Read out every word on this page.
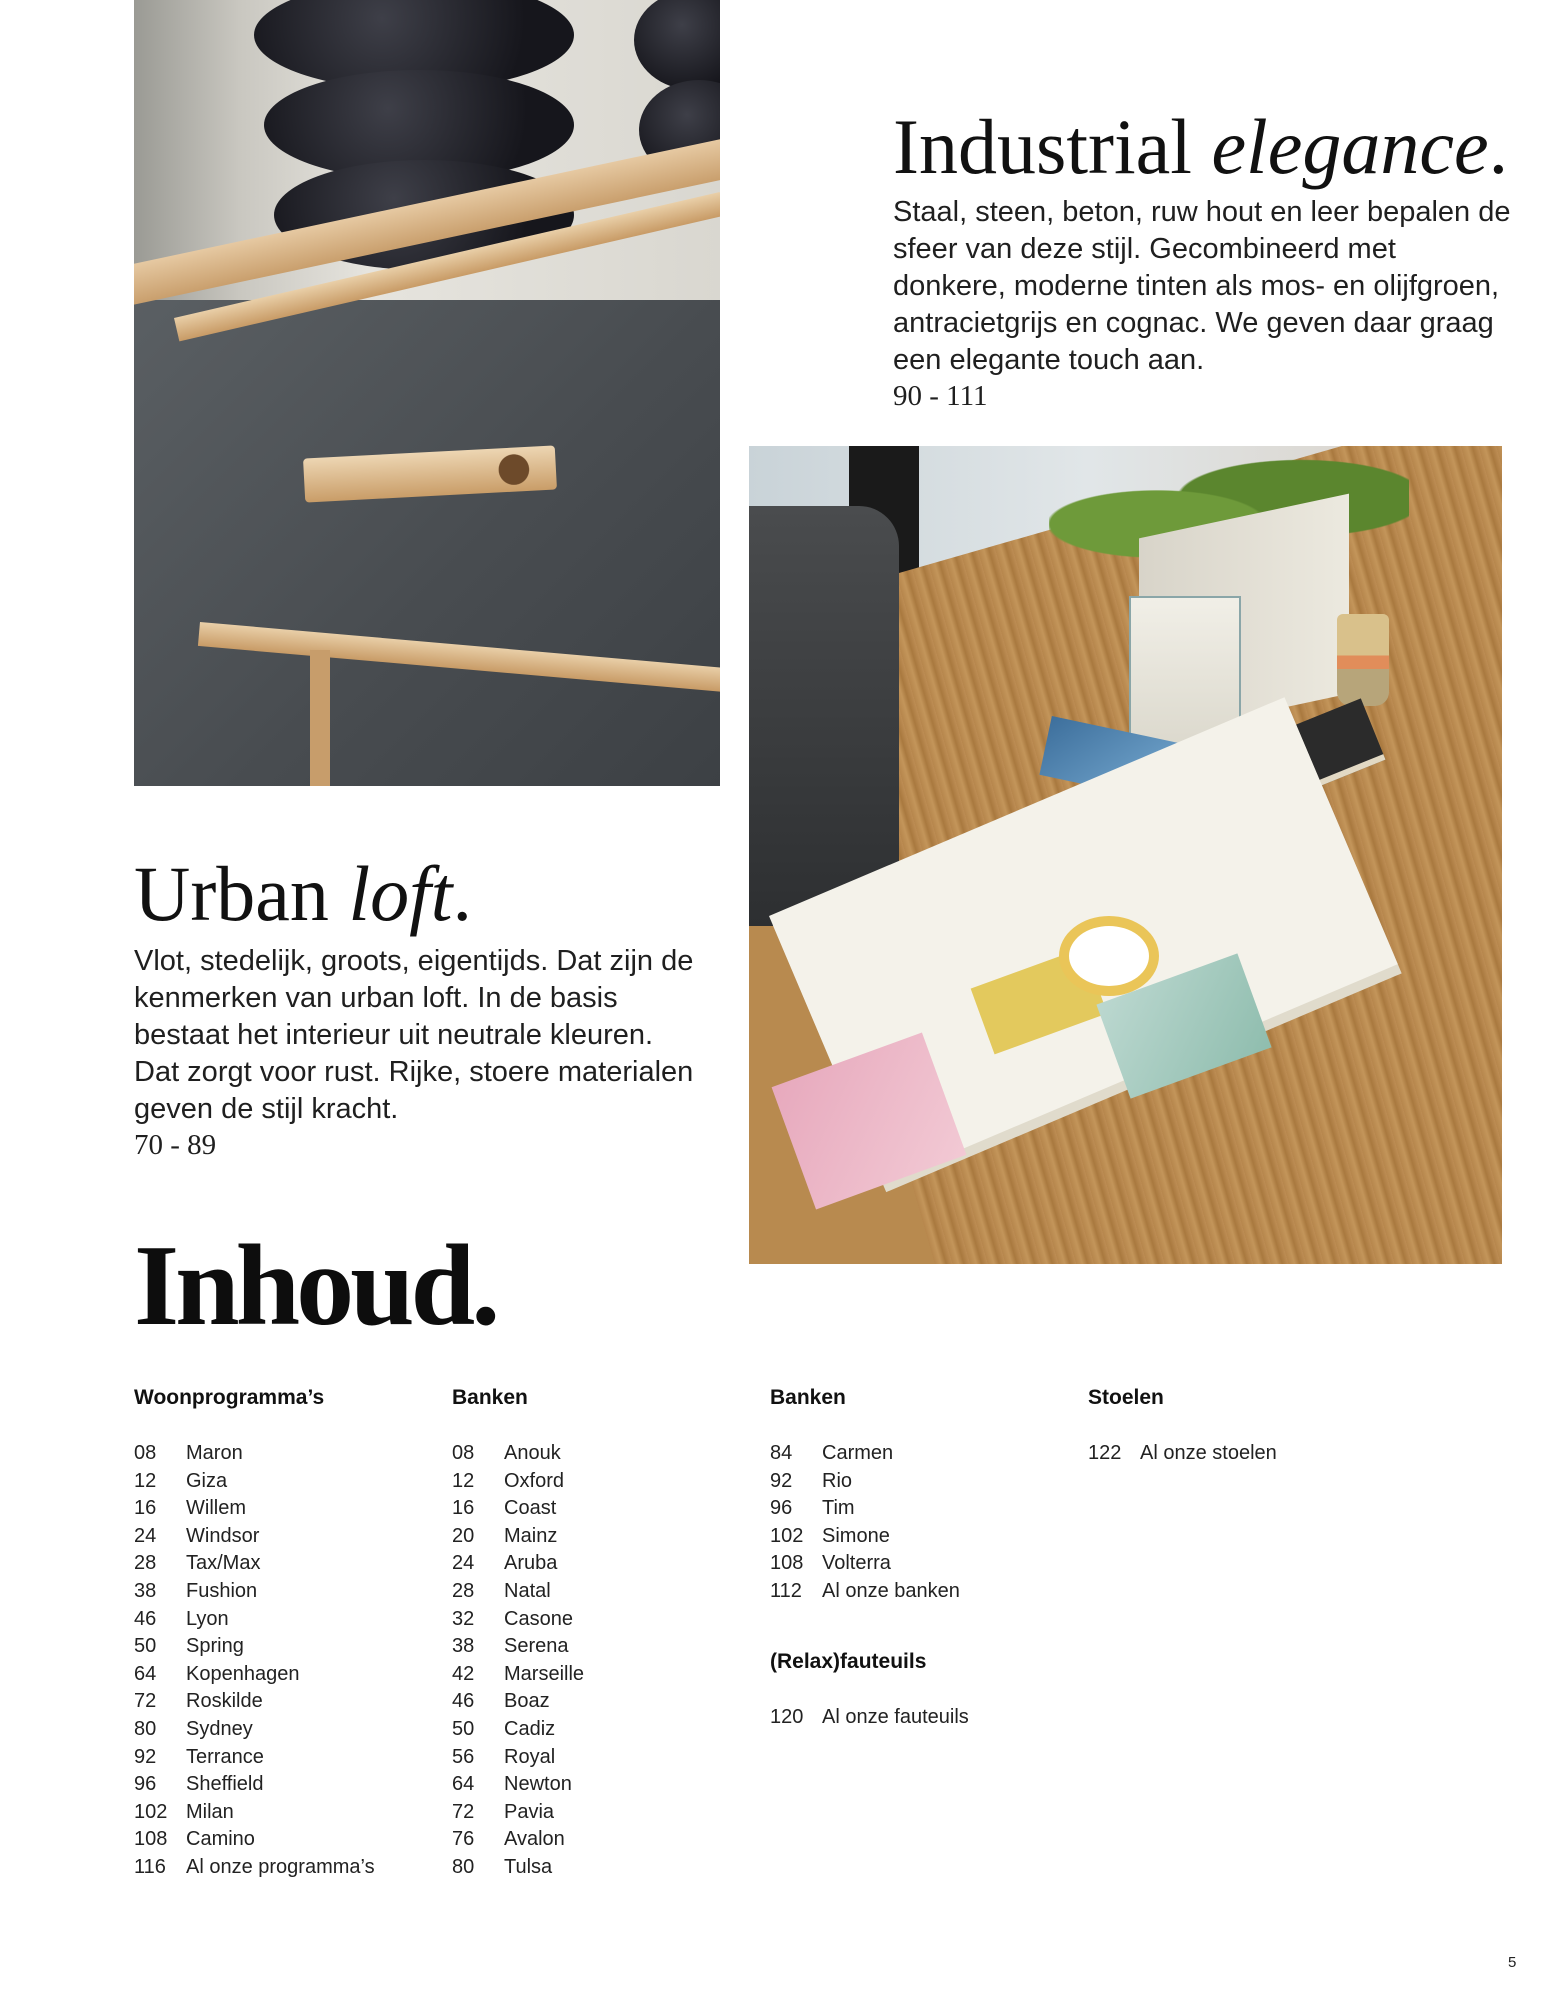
Industrial elegance.

Staal, steen, beton, ruw hout en leer bepalen de sfeer van deze stijl. Gecombineerd met donkere, moderne tinten als mos- en olijfgroen, antracietgrijs en cognac. We geven daar graag een elegante touch aan.

90 - 111
Urban loft.

Vlot, stedelijk, groots, eigentijds. Dat zijn de kenmerken van urban loft. In de basis bestaat het interieur uit neutrale kleuren. Dat zorgt voor rust. Rijke, stoere materialen geven de stijl kracht.

70 - 89
Inhoud.
Woonprogramma’s
08	Maron
12	Giza
16	Willem
24	Windsor
28	Tax/Max
38	Fushion
46	Lyon
50	Spring
64	Kopenhagen
72	Roskilde
80	Sydney
92	Terrance
96	Sheffield
102 Milan
108 Camino
116	Al onze programma’s
Banken
08	Anouk
12	Oxford
16	Coast
20	Mainz
24	Aruba
28	Natal
32	Casone
38	Serena
42	Marseille
46	Boaz
50	Cadiz
56	Royal
64	Newton
72	Pavia
76	Avalon
80	Tulsa
Banken
84	Carmen
92	Rio
96	Tim
102 Simone
108 Volterra
112	Al onze banken
(Relax)fauteuils
120 Al onze fauteuils
Stoelen
122 Al onze stoelen
5
